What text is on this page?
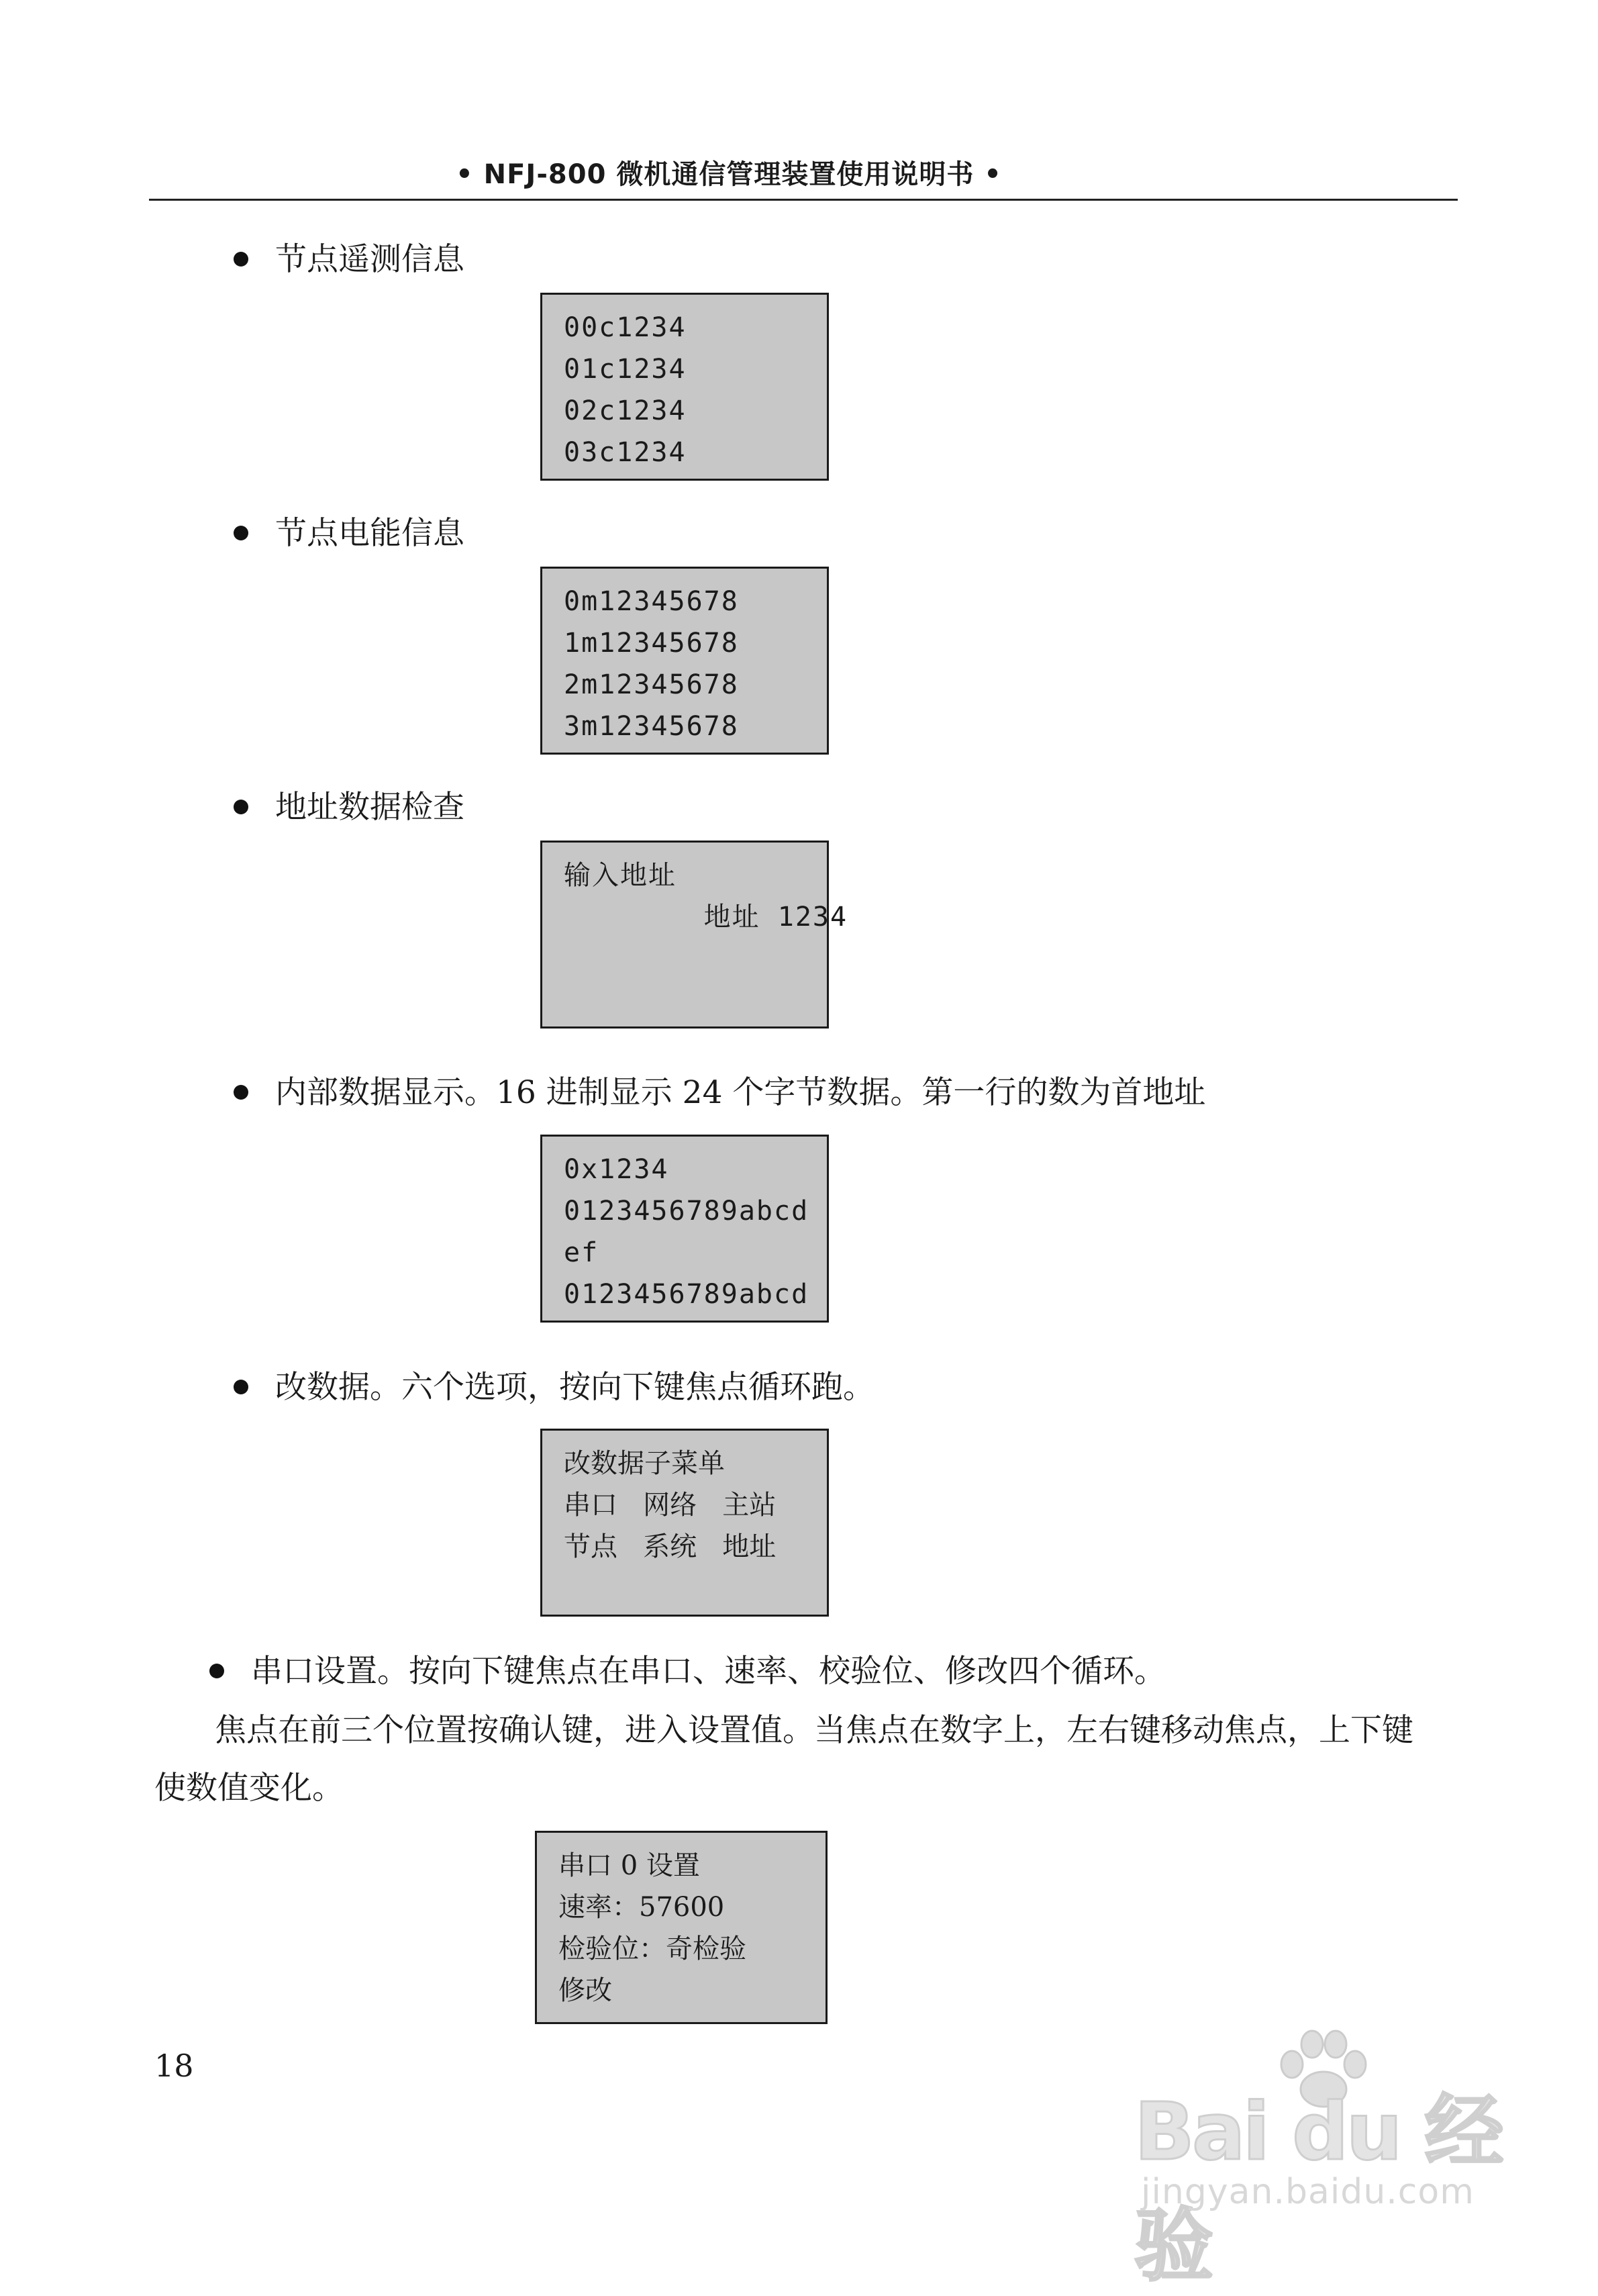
• NFJ-800 微机通信管理装置使用说明书 •
节点遥测信息
00c1234
01c1234
02c1234
03c1234
节点电能信息
0m12345678
1m12345678
2m12345678
3m12345678
地址数据检查
输入地址
地址 1234
内部数据显示。16 进制显示 24 个字节数据。第一行的数为首地址
0x1234
0123456789abcd
ef
0123456789abcd
改数据。六个选项，按向下键焦点循环跑。
改数据子菜单
串口   网络   主站
节点   系统   地址
串口设置。按向下键焦点在串口、速率、校验位、修改四个循环。
焦点在前三个位置按确认键，进入设置值。当焦点在数字上，左右键移动焦点，上下键
使数值变化。
串口 0 设置
速率：57600
检验位：奇检验
修改
18
Bai du 经验
jingyan.baidu.com
